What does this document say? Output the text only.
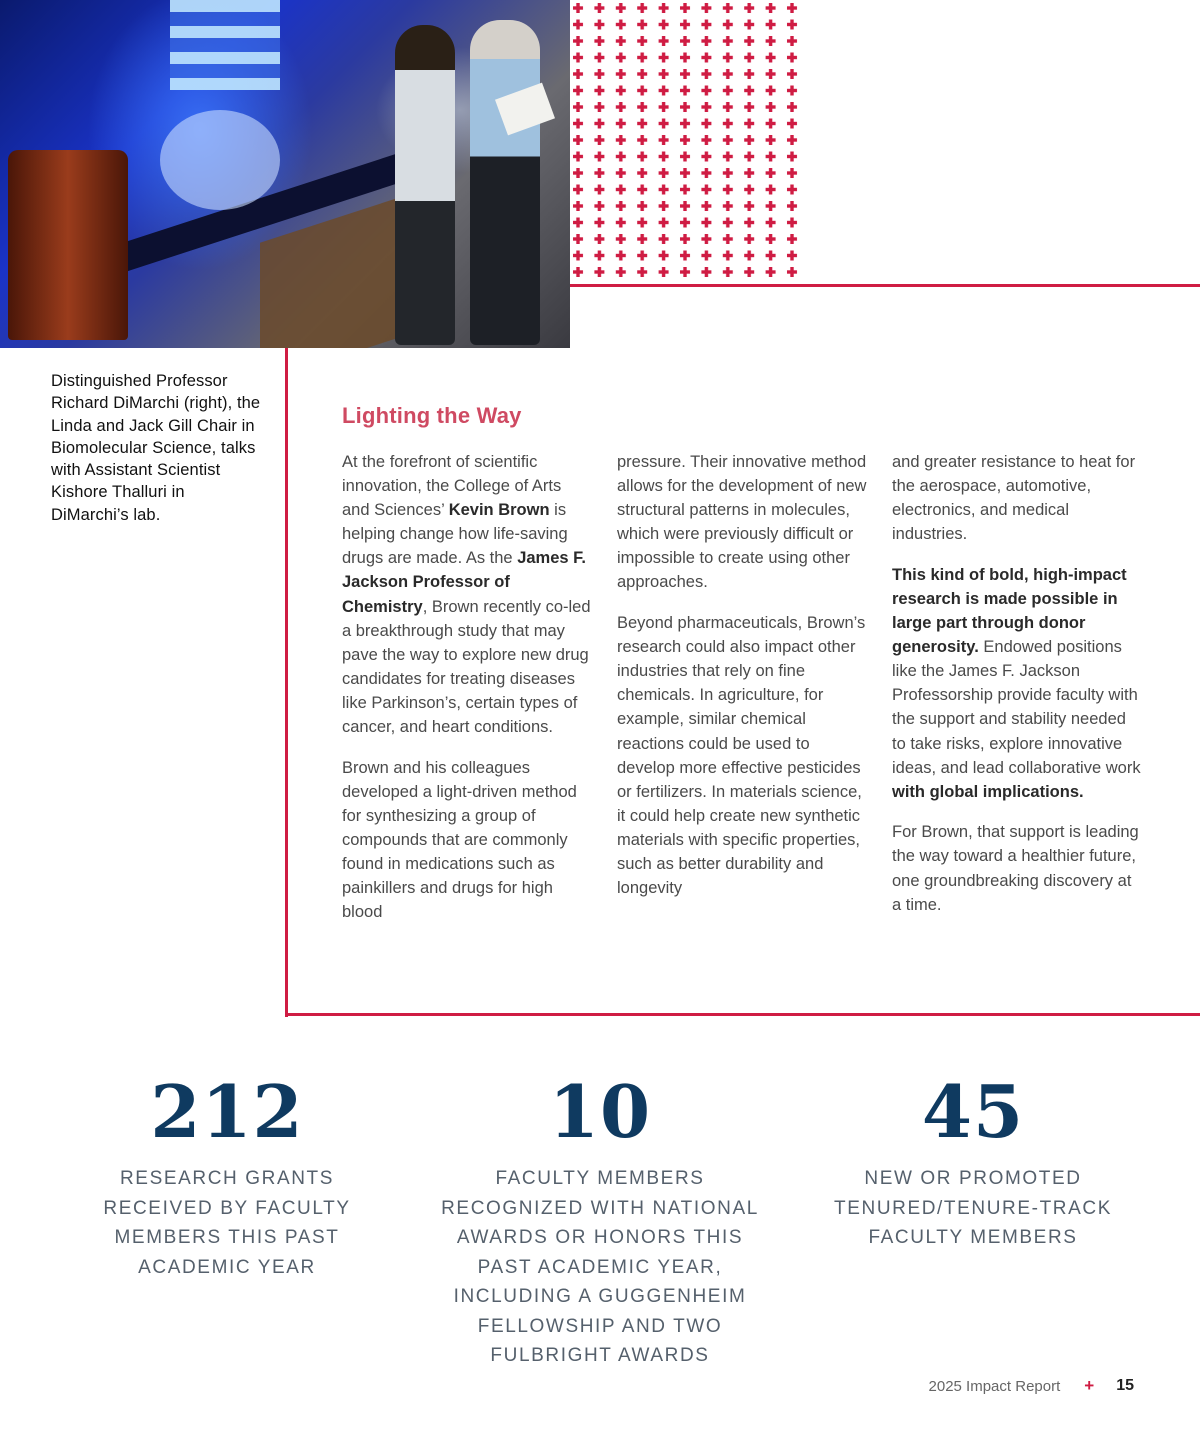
Distinguished Professor Richard DiMarchi (right), the Linda and Jack Gill Chair in Biomolecular Science, talks with Assistant Scientist Kishore Thalluri in DiMarchi’s lab.
Lighting the Way

At the forefront of scientific innovation, the College of Arts and Sciences’ Kevin Brown is helping change how life-saving drugs are made. As the James F. Jackson Professor of Chemistry, Brown recently co-led a breakthrough study that may pave the way to explore new drug candidates for treating diseases like Parkinson’s, certain types of cancer, and heart conditions.

Brown and his colleagues developed a light-driven method for synthesizing a group of compounds that are commonly found in medications such as painkillers and drugs for high blood

pressure. Their innovative method allows for the development of new structural patterns in molecules, which were previously difficult or impossible to create using other approaches.

Beyond pharmaceuticals, Brown’s research could also impact other industries that rely on fine chemicals. In agriculture, for example, similar chemical reactions could be used to develop more effective pesticides or fertilizers. In materials science, it could help create new synthetic materials with specific properties, such as better durability and longevity

and greater resistance to heat for the aerospace, automotive, electronics, and medical industries.

This kind of bold, high-impact research is made possible in large part through donor generosity. Endowed positions like the James F. Jackson Professorship provide faculty with the support and stability needed to take risks, explore innovative ideas, and lead collaborative work with global implications.

For Brown, that support is leading the way toward a healthier future, one groundbreaking discovery at a time.

212
RESEARCH GRANTS RECEIVED BY FACULTY MEMBERS THIS PAST ACADEMIC YEAR
10
FACULTY MEMBERS RECOGNIZED WITH NATIONAL AWARDS OR HONORS THIS PAST ACADEMIC YEAR, INCLUDING A GUGGENHEIM FELLOWSHIP AND TWO FULBRIGHT AWARDS
45
NEW OR PROMOTED TENURED/TENURE-TRACK FACULTY MEMBERS
2025 Impact Report + 15
